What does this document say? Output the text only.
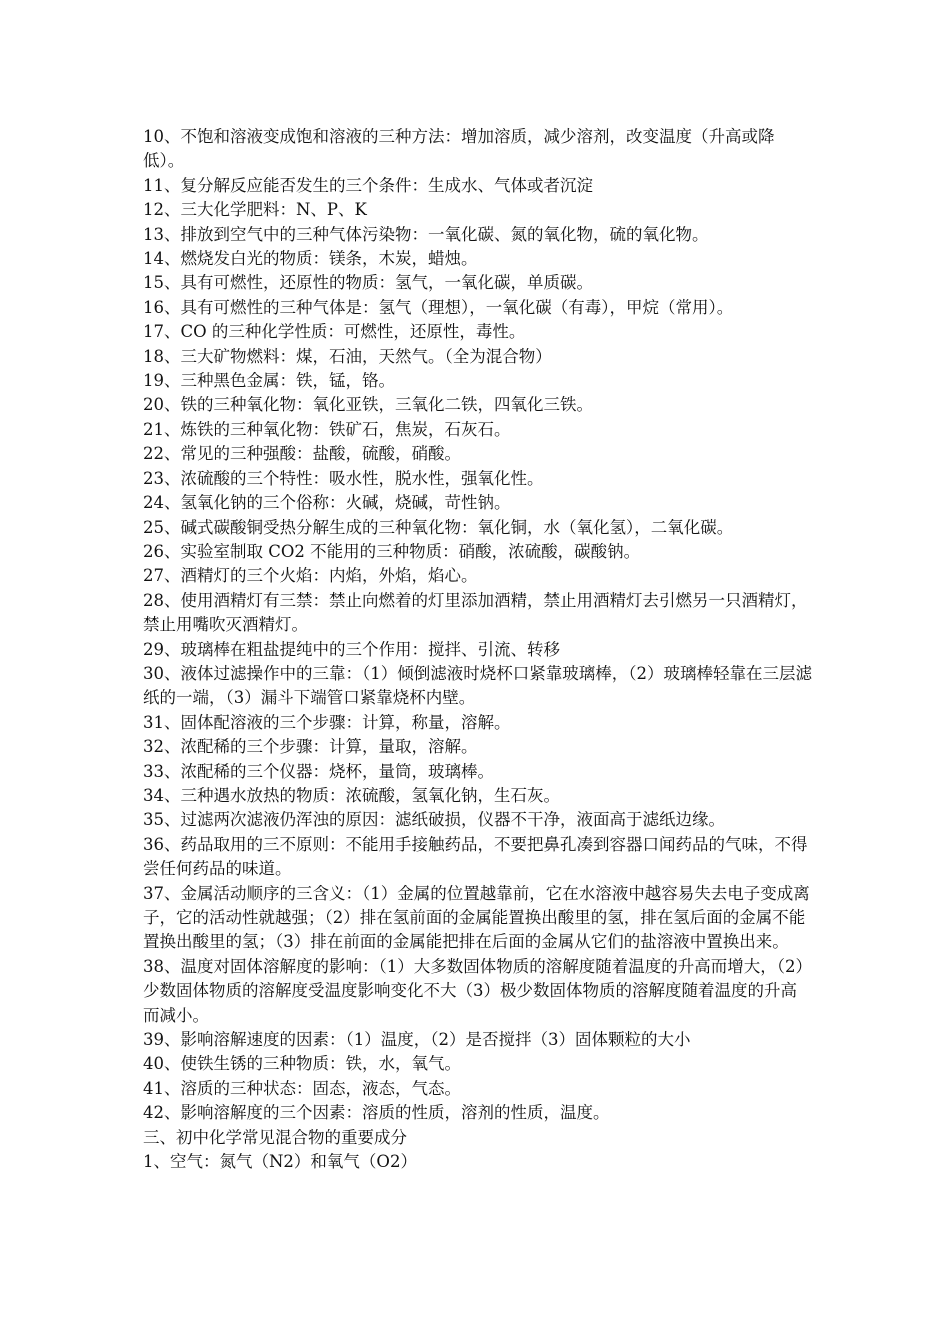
10、不饱和溶液变成饱和溶液的三种方法：增加溶质，减少溶剂，改变温度（升高或降低）。

11、复分解反应能否发生的三个条件：生成水、气体或者沉淀

12、三大化学肥料：N、P、K

13、排放到空气中的三种气体污染物：一氧化碳、氮的氧化物，硫的氧化物。

14、燃烧发白光的物质：镁条，木炭，蜡烛。

15、具有可燃性，还原性的物质：氢气，一氧化碳，单质碳。

16、具有可燃性的三种气体是：氢气（理想），一氧化碳（有毒），甲烷（常用）。

17、CO 的三种化学性质：可燃性，还原性，毒性。

18、三大矿物燃料：煤，石油，天然气。（全为混合物）

19、三种黑色金属：铁，锰，铬。

20、铁的三种氧化物：氧化亚铁，三氧化二铁，四氧化三铁。

21、炼铁的三种氧化物：铁矿石，焦炭，石灰石。

22、常见的三种强酸：盐酸，硫酸，硝酸。

23、浓硫酸的三个特性：吸水性，脱水性，强氧化性。

24、氢氧化钠的三个俗称：火碱，烧碱，苛性钠。

25、碱式碳酸铜受热分解生成的三种氧化物：氧化铜，水（氧化氢），二氧化碳。

26、实验室制取 CO2 不能用的三种物质：硝酸，浓硫酸，碳酸钠。

27、酒精灯的三个火焰：内焰，外焰，焰心。

28、使用酒精灯有三禁：禁止向燃着的灯里添加酒精，禁止用酒精灯去引燃另一只酒精灯，禁止用嘴吹灭酒精灯。

29、玻璃棒在粗盐提纯中的三个作用：搅拌、引流、转移

30、液体过滤操作中的三靠：（1）倾倒滤液时烧杯口紧靠玻璃棒，（2）玻璃棒轻靠在三层滤纸的一端，（3）漏斗下端管口紧靠烧杯内壁。

31、固体配溶液的三个步骤：计算，称量，溶解。

32、浓配稀的三个步骤：计算，量取，溶解。

33、浓配稀的三个仪器：烧杯，量筒，玻璃棒。

34、三种遇水放热的物质：浓硫酸，氢氧化钠，生石灰。

35、过滤两次滤液仍浑浊的原因：滤纸破损，仪器不干净，液面高于滤纸边缘。

36、药品取用的三不原则：不能用手接触药品，不要把鼻孔凑到容器口闻药品的气味，不得尝任何药品的味道。

37、金属活动顺序的三含义：（1）金属的位置越靠前，它在水溶液中越容易失去电子变成离子，它的活动性就越强；（2）排在氢前面的金属能置换出酸里的氢，排在氢后面的金属不能置换出酸里的氢；（3）排在前面的金属能把排在后面的金属从它们的盐溶液中置换出来。

38、温度对固体溶解度的影响：（1）大多数固体物质的溶解度随着温度的升高而增大，（2）少数固体物质的溶解度受温度影响变化不大（3）极少数固体物质的溶解度随着温度的升高而减小。

39、影响溶解速度的因素：（1）温度，（2）是否搅拌（3）固体颗粒的大小

40、使铁生锈的三种物质：铁，水，氧气。

41、溶质的三种状态：固态，液态，气态。

42、影响溶解度的三个因素：溶质的性质，溶剂的性质，温度。

三、初中化学常见混合物的重要成分

1、空气：氮气（N2）和氧气（O2）
